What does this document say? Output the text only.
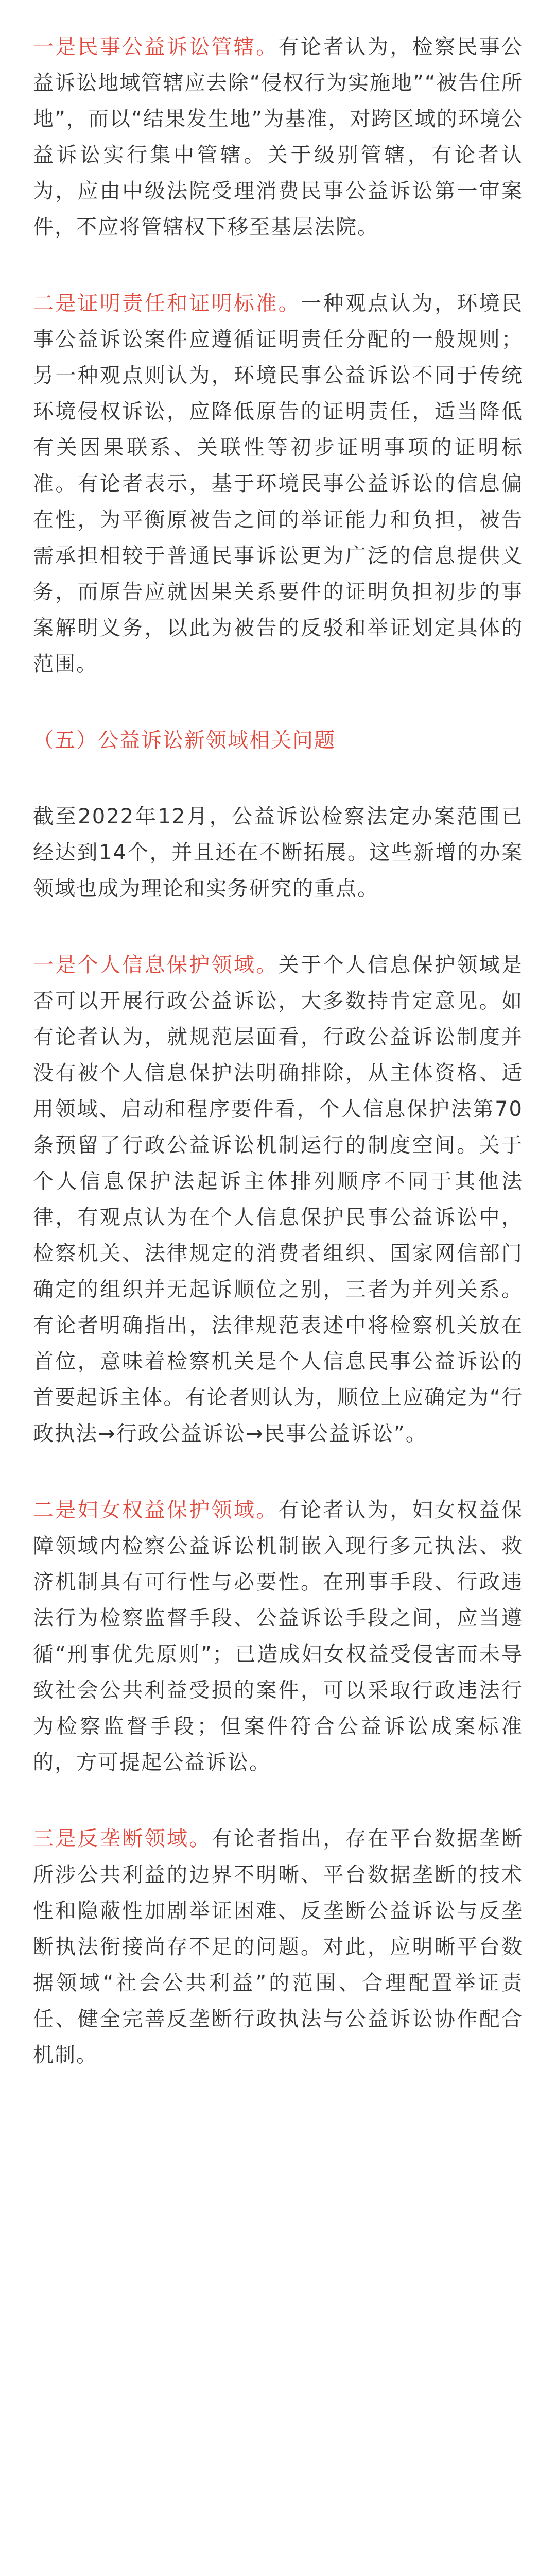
一是民事公益诉讼管辖。有论者认为，检察民事公益诉讼地域管辖应去除“侵权行为实施地”“被告住所地”，而以“结果发生地”为基准，对跨区域的环境公益诉讼实行集中管辖。关于级别管辖，有论者认为，应由中级法院受理消费民事公益诉讼第一审案件，不应将管辖权下移至基层法院。

二是证明责任和证明标准。一种观点认为，环境民事公益诉讼案件应遵循证明责任分配的一般规则；另一种观点则认为，环境民事公益诉讼不同于传统环境侵权诉讼，应降低原告的证明责任，适当降低有关因果联系、关联性等初步证明事项的证明标准。有论者表示，基于环境民事公益诉讼的信息偏在性，为平衡原被告之间的举证能力和负担，被告需承担相较于普通民事诉讼更为广泛的信息提供义务，而原告应就因果关系要件的证明负担初步的事案解明义务，以此为被告的反驳和举证划定具体的范围。

（五）公益诉讼新领域相关问题

截至2022年12月，公益诉讼检察法定办案范围已经达到14个，并且还在不断拓展。这些新增的办案领域也成为理论和实务研究的重点。

一是个人信息保护领域。关于个人信息保护领域是否可以开展行政公益诉讼，大多数持肯定意见。如有论者认为，就规范层面看，行政公益诉讼制度并没有被个人信息保护法明确排除，从主体资格、适用领域、启动和程序要件看，个人信息保护法第70条预留了行政公益诉讼机制运行的制度空间。关于个人信息保护法起诉主体排列顺序不同于其他法律，有观点认为在个人信息保护民事公益诉讼中，检察机关、法律规定的消费者组织、国家网信部门确定的组织并无起诉顺位之别，三者为并列关系。有论者明确指出，法律规范表述中将检察机关放在首位，意味着检察机关是个人信息民事公益诉讼的首要起诉主体。有论者则认为，顺位上应确定为“行政执法→行政公益诉讼→民事公益诉讼”。

二是妇女权益保护领域。有论者认为，妇女权益保障领域内检察公益诉讼机制嵌入现行多元执法、救济机制具有可行性与必要性。在刑事手段、行政违法行为检察监督手段、公益诉讼手段之间，应当遵循“刑事优先原则”；已造成妇女权益受侵害而未导致社会公共利益受损的案件，可以采取行政违法行为检察监督手段；但案件符合公益诉讼成案标准的，方可提起公益诉讼。

三是反垄断领域。有论者指出，存在平台数据垄断所涉公共利益的边界不明晰、平台数据垄断的技术性和隐蔽性加剧举证困难、反垄断公益诉讼与反垄断执法衔接尚存不足的问题。对此，应明晰平台数据领域“社会公共利益”的范围、合理配置举证责任、健全完善反垄断行政执法与公益诉讼协作配合机制。
